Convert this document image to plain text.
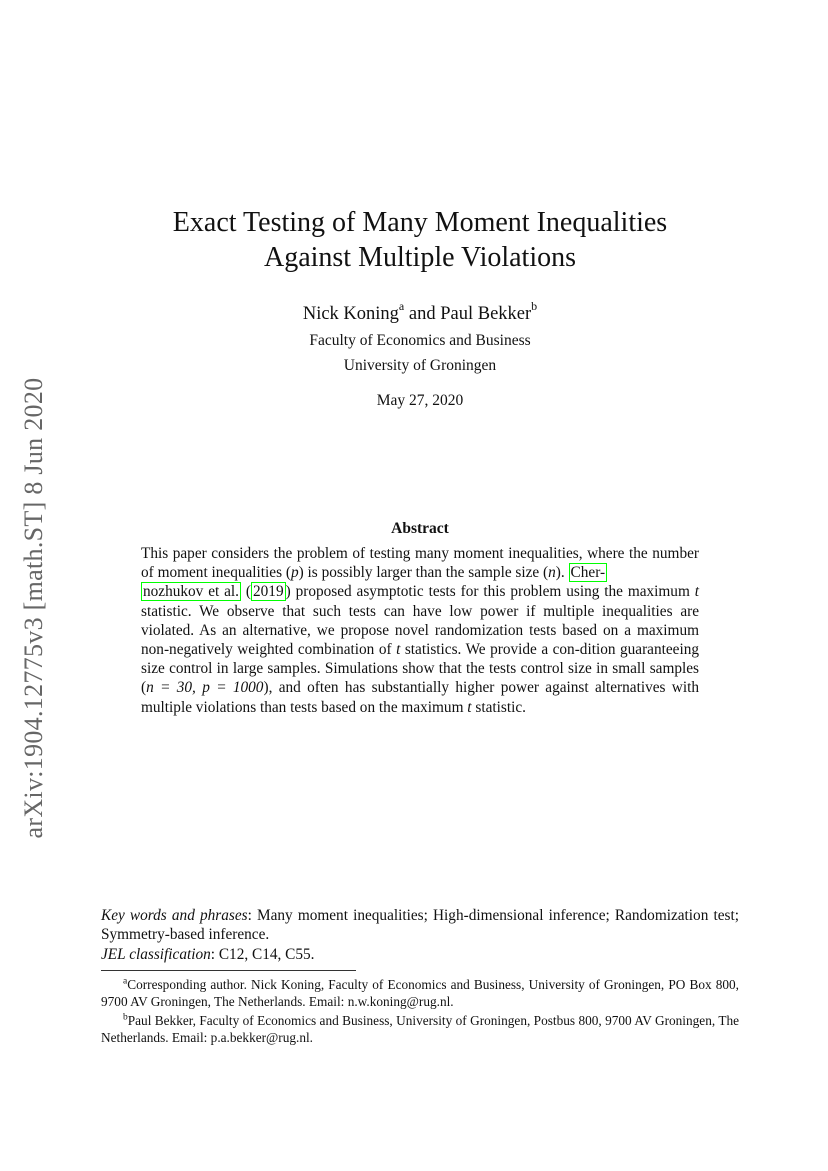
arXiv:1904.12775v3 [math.ST] 8 Jun 2020
Exact Testing of Many Moment Inequalities
Against Multiple Violations
Nick Koning$^a$ and Paul Bekker$^b$
Faculty of Economics and Business
University of Groningen
May 27, 2020
Abstract
This paper considers the problem of testing many moment inequalities, where the number of moment inequalities (p) is possibly larger than the sample size (n). Cher-
nozhukov et al. ( 2019 ) proposed asymptotic tests for this problem using the maximum t statistic. We observe that such tests can have low power if multiple inequalities are violated. As an alternative, we propose novel randomization tests based on a maximum non-negatively weighted combination of t statistics. We provide a con-dition guaranteeing size control in large samples. Simulations show that the tests control size in small samples (n = 30, p = 1000), and often has substantially higher power against alternatives with multiple violations than tests based on the maximum t statistic.
Key words and phrases: Many moment inequalities; High-dimensional inference; Randomization test; Symmetry-based inference.
JEL classification: C12, C14, C55.
$^a$Corresponding author. Nick Koning, Faculty of Economics and Business, University of Groningen, PO Box 800, 9700 AV Groningen, The Netherlands. Email: n.w.koning@rug.nl.
$^b$Paul Bekker, Faculty of Economics and Business, University of Groningen, Postbus 800, 9700 AV Groningen, The Netherlands. Email: p.a.bekker@rug.nl.
